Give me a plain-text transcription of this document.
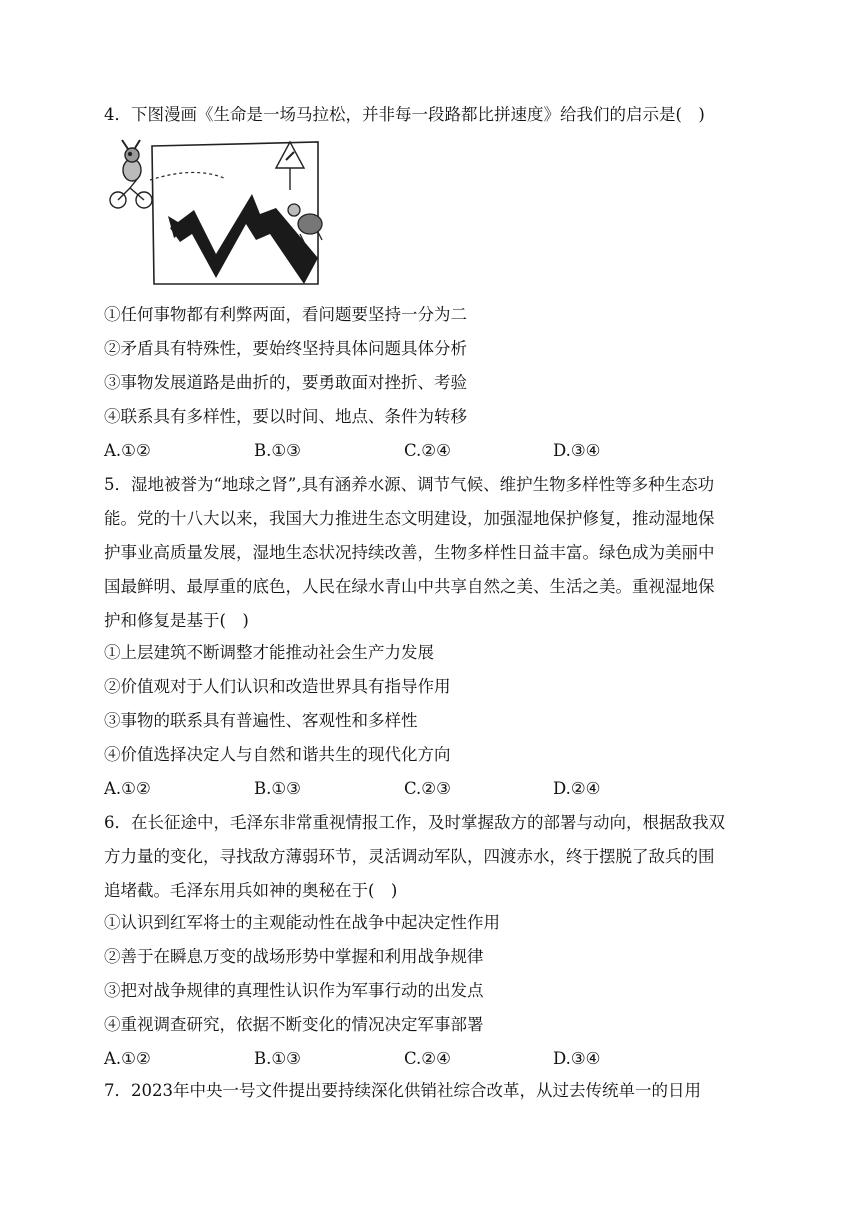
4．下图漫画《生命是一场马拉松，并非每一段路都比拼速度》给我们的启示是(　)
①任何事物都有利弊两面，看问题要坚持一分为二
②矛盾具有特殊性，要始终坚持具体问题具体分析
③事物发展道路是曲折的，要勇敢面对挫折、考验
④联系具有多样性，要以时间、地点、条件为转移
A.①②	B.①③	C.②④	D.③④
5．湿地被誉为“地球之肾”,具有涵养水源、调节气候、维护生物多样性等多种生态功
能。党的十八大以来，我国大力推进生态文明建设，加强湿地保护修复，推动湿地保
护事业高质量发展，湿地生态状况持续改善，生物多样性日益丰富。绿色成为美丽中
国最鲜明、最厚重的底色，人民在绿水青山中共享自然之美、生活之美。重视湿地保
护和修复是基于(　)
①上层建筑不断调整才能推动社会生产力发展
②价值观对于人们认识和改造世界具有指导作用
③事物的联系具有普遍性、客观性和多样性
④价值选择决定人与自然和谐共生的现代化方向
A.①②	B.①③	C.②③	D.②④
6．在长征途中，毛泽东非常重视情报工作，及时掌握敌方的部署与动向，根据敌我双
方力量的变化，寻找敌方薄弱环节，灵活调动军队，四渡赤水，终于摆脱了敌兵的围
追堵截。毛泽东用兵如神的奥秘在于(　)
①认识到红军将士的主观能动性在战争中起决定性作用
②善于在瞬息万变的战场形势中掌握和利用战争规律
③把对战争规律的真理性认识作为军事行动的出发点
④重视调查研究，依据不断变化的情况决定军事部署
A.①②	B.①③	C.②④	D.③④
7．2023年中央一号文件提出要持续深化供销社综合改革，从过去传统单一的日用
